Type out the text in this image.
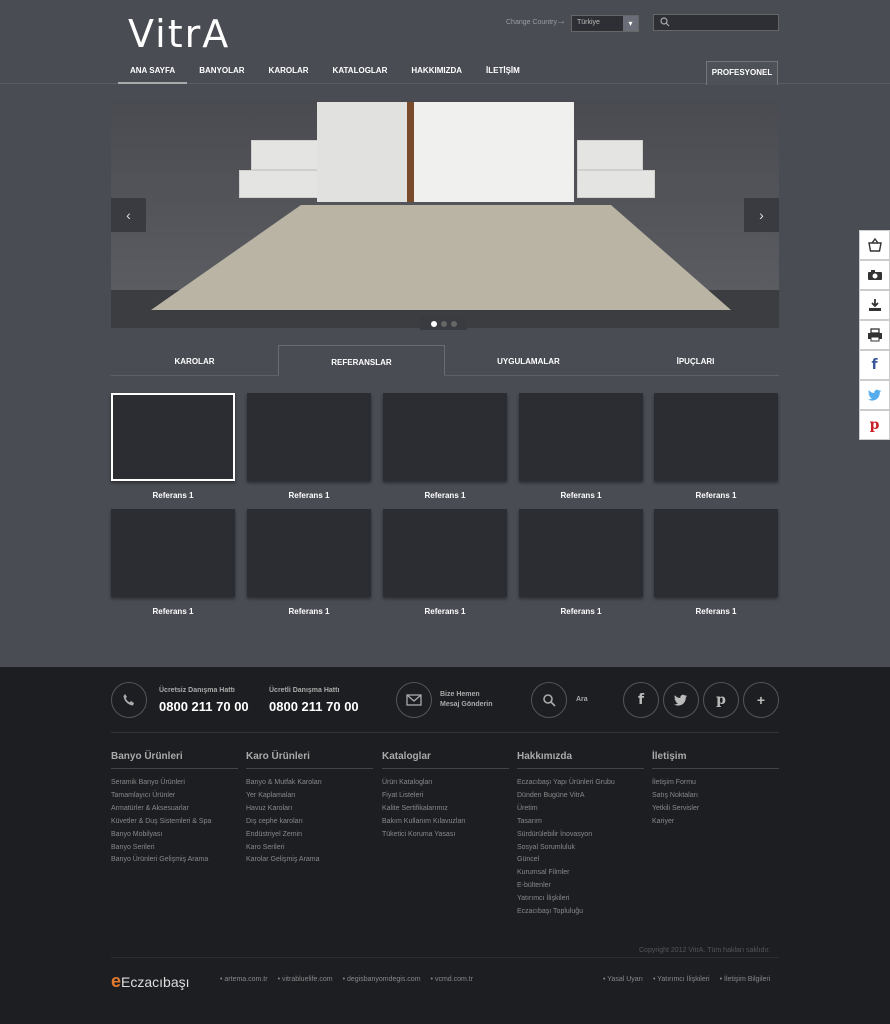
VitrA	Change Country → Türkiye	▾
ANA SAYFA	BANYOLAR	KAROLAR	KATALOGLAR	HAKKIMIZDA	İLETİŞİM	PROFESYONEL
‹	›
f
p
KAROLAR	REFERANSLAR	UYGULAMALAR	İPUÇLARI
Referans 1	Referans 1	Referans 1	Referans 1	Referans 1
Referans 1	Referans 1	Referans 1	Referans 1	Referans 1
Ücretsiz Danışma Hattı
0800 211 70 00
Ücretli Danışma Hattı
0800 211 70 00
Bize Hemen
Mesaj Gönderin
Ara	f	p	+
Banyo Ürünleri
Seramik Banyo Ürünleri
Tamamlayıcı Ürünler
Armatürler & Aksesuarlar
Küvetler & Duş Sistemleri & Spa
Banyo Mobilyası
Banyo Serileri
Banyo Ürünleri Gelişmiş Arama
Karo Ürünleri
Banyo & Mutfak Karoları
Yer Kaplamaları
Havuz Karoları
Dış cephe karoları
Endüstriyel Zemin
Karo Serileri
Karolar Gelişmiş Arama
Kataloglar
Ürün Katalogları
Fiyat Listeleri
Kalite Sertifikalarımız
Bakım Kullanım Kılavuzları
Tüketici Koruma Yasası
Hakkımızda
Eczacıbaşı Yapı Ürünleri Grubu
Dünden Bugüne VitrA
Üretim
Tasarım
Sürdürülebilir İnovasyon
Sosyal Sorumluluk
Güncel
Kurumsal Filmler
E-bültenler
Yatırımcı İlişkileri
Eczacıbaşı Topluluğu
İletişim
İletişim Formu
Satış Noktaları
Yetkili Servisler
Kariyer
Copyright 2012 VitrA. Tüm hakları saklıdır.
eEczacıbaşı	• artema.com.tr • vitrabluelife.com • degisbanyomdegis.com • vcmd.com.tr	• Yasal Uyarı • Yatırımcı İlişkileri • İletişim Bilgileri
